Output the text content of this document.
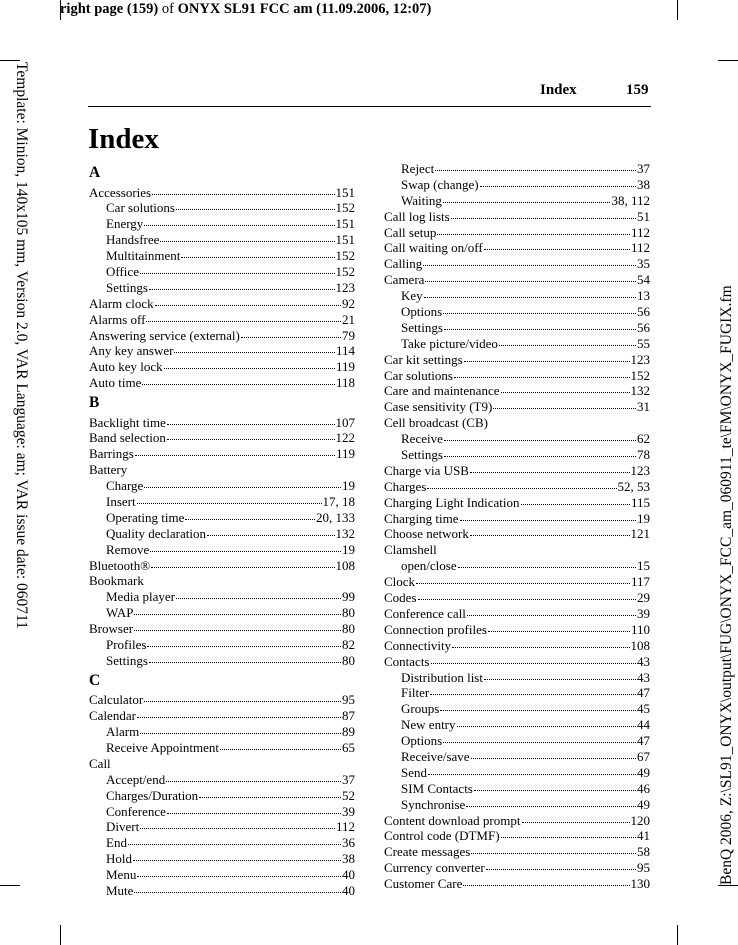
right page (159) of ONYX SL91 FCC am (11.09.2006, 12:07)
Template: Minion, 140x105 mm, Version 2.0, VAR Language: am; VAR issue date: 060711	BenQ 2006, Z:\SL91_ONYX\output\FUG\ONYX_FCC_am_060911_te\FM\ONYX_FUGIX.fm
Index	159
Index
A
Accessories	151
Car solutions	152
Energy	151
Handsfree	151
Multitainment	152
Office	152
Settings	123
Alarm clock	92
Alarms off	21
Answering service (external)	79
Any key answer	114
Auto key lock	119
Auto time	118
B
Backlight time	107
Band selection	122
Barrings	119
Battery
Charge	19
Insert	17, 18
Operating time	20, 133
Quality declaration	132
Remove	19
Bluetooth®	108
Bookmark
Media player	99
WAP	80
Browser	80
Profiles	82
Settings	80
C
Calculator	95
Calendar	87
Alarm	89
Receive Appointment	65
Call
Accept/end	37
Charges/Duration	52
Conference	39
Divert	112
End	36
Hold	38
Menu	40
Mute	40
Reject	37
Swap (change)	38
Waiting	38, 112
Call log lists	51
Call setup	112
Call waiting on/off	112
Calling	35
Camera	54
Key	13
Options	56
Settings	56
Take picture/video	55
Car kit settings	123
Car solutions	152
Care and maintenance	132
Case sensitivity (T9)	31
Cell broadcast (CB)
Receive	62
Settings	78
Charge via USB	123
Charges	52, 53
Charging Light Indication	115
Charging time	19
Choose network	121
Clamshell
open/close	15
Clock	117
Codes	29
Conference call	39
Connection profiles	110
Connectivity	108
Contacts	43
Distribution list	43
Filter	47
Groups	45
New entry	44
Options	47
Receive/save	67
Send	49
SIM Contacts	46
Synchronise	49
Content download prompt	120
Control code (DTMF)	41
Create messages	58
Currency converter	95
Customer Care	130
